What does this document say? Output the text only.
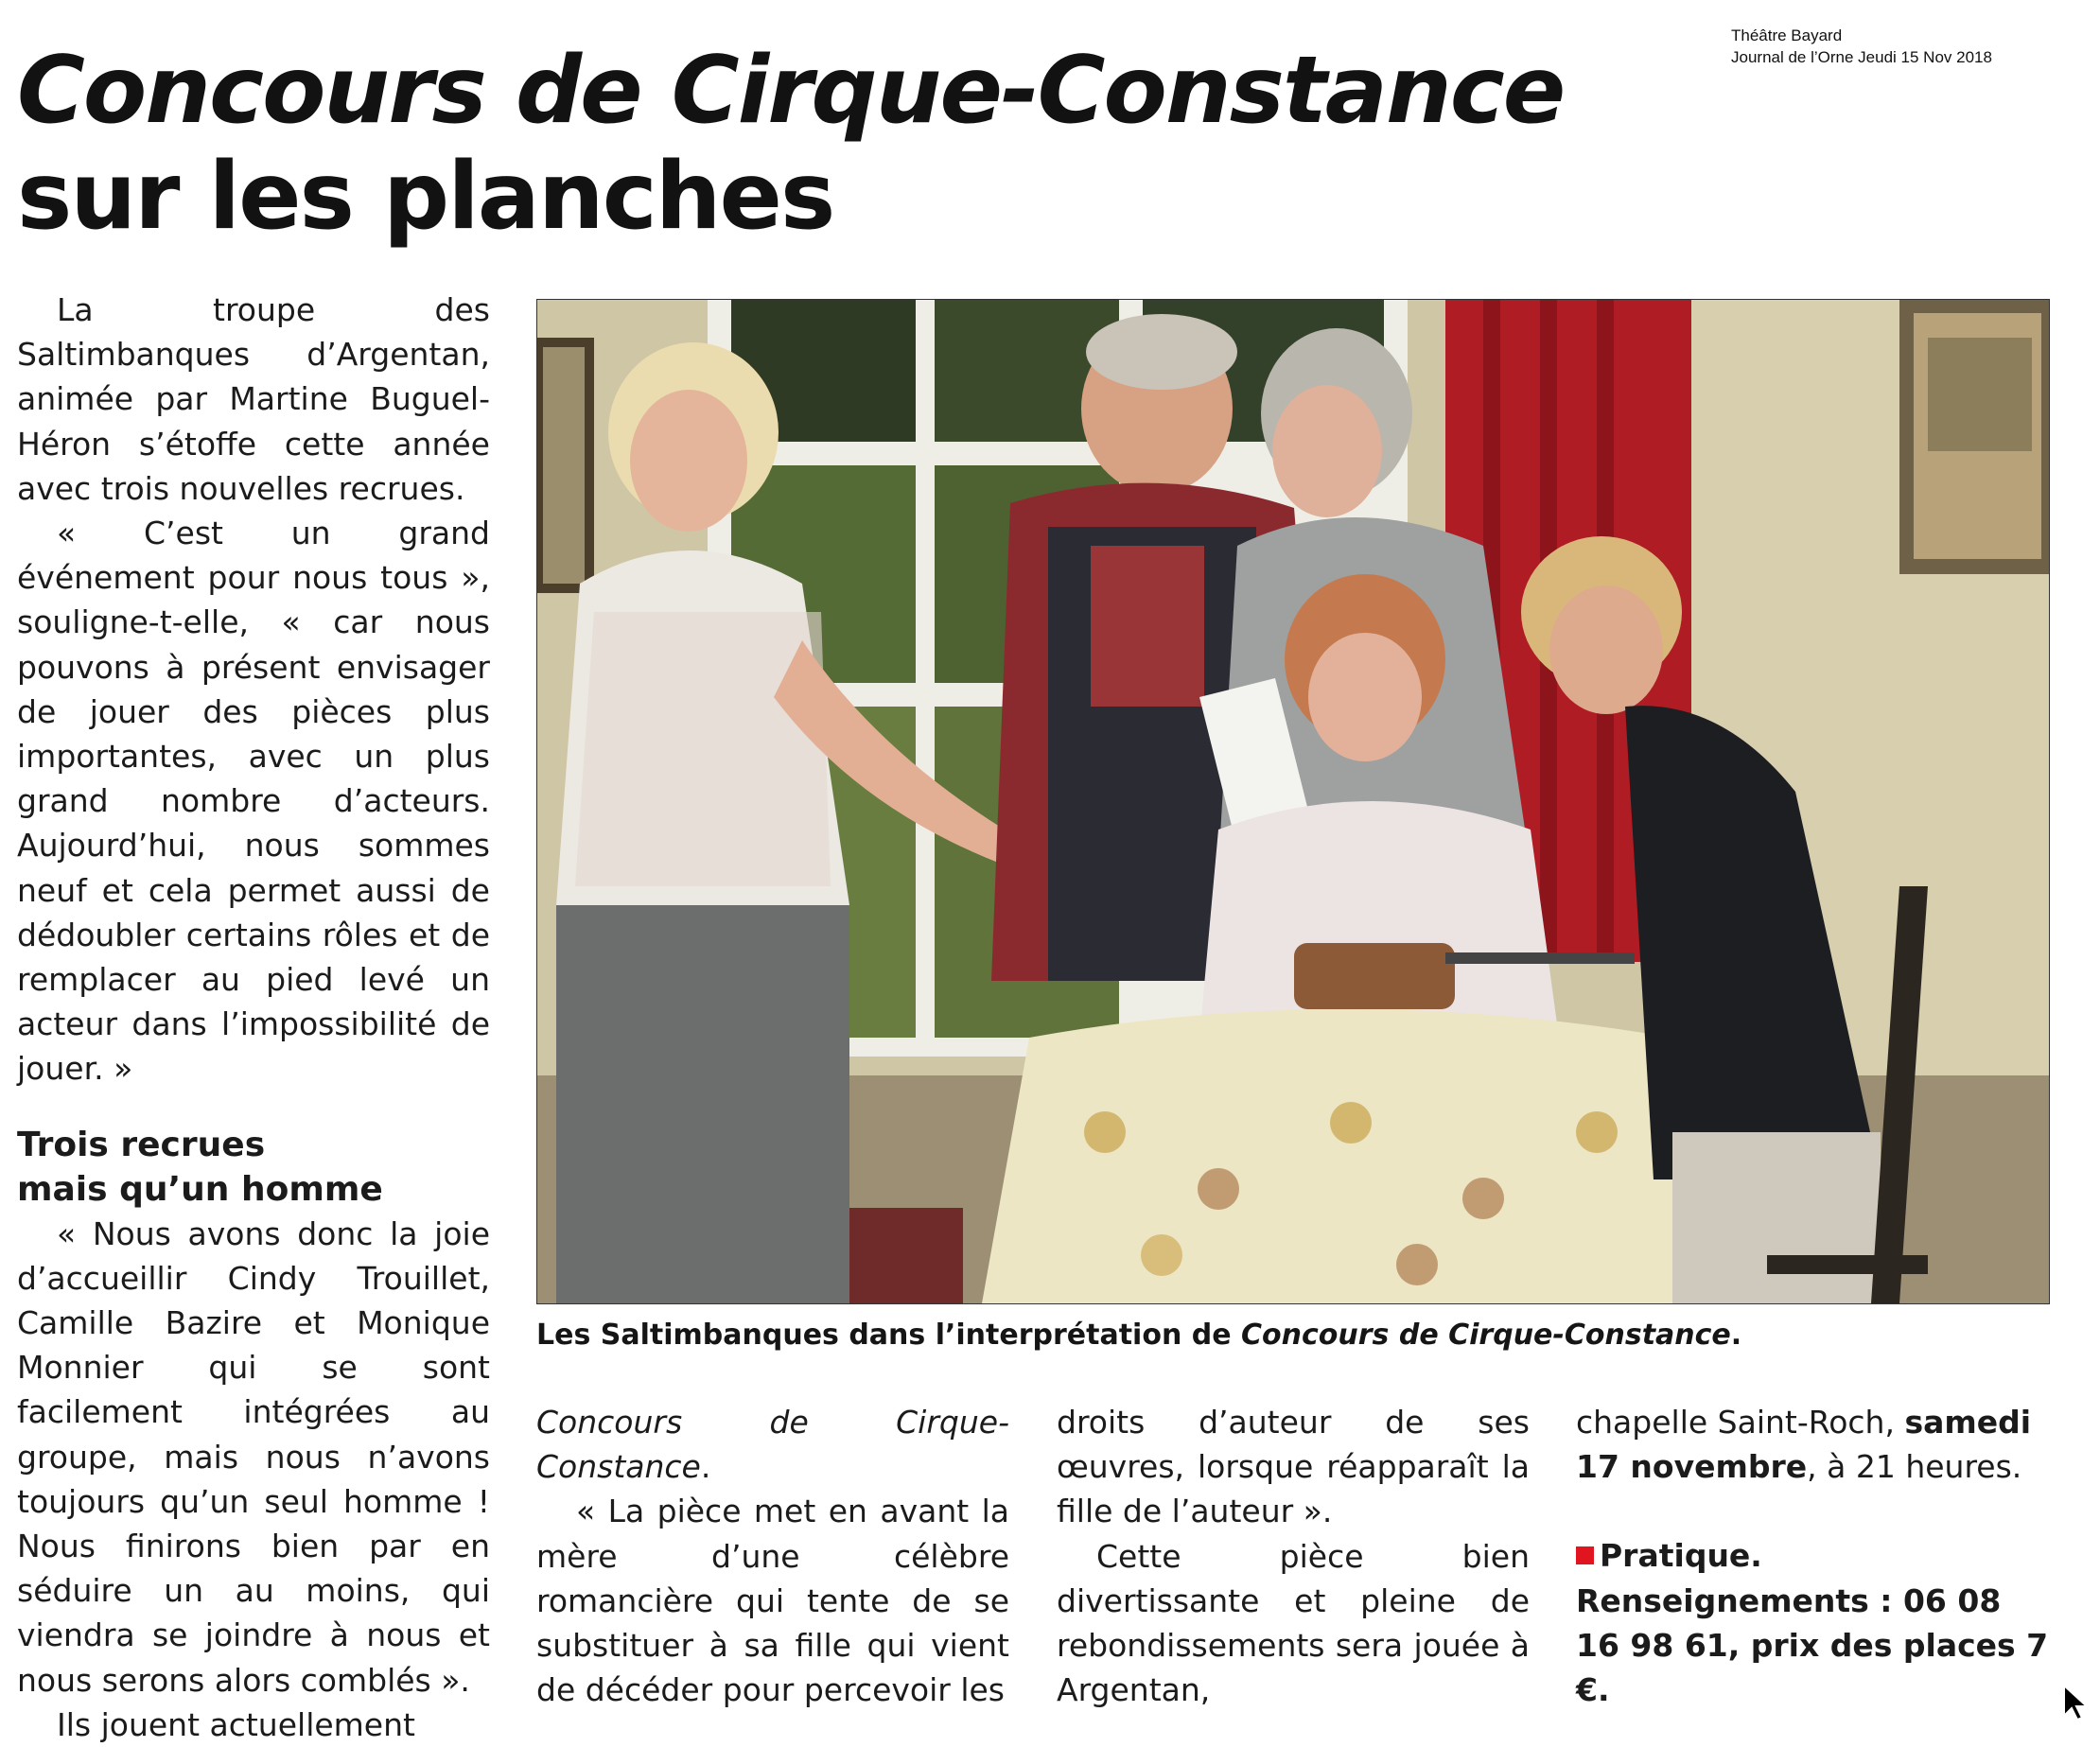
Théâtre Bayard
Journal de l’Orne Jeudi 15 Nov 2018
Concours de Cirque-Constance
sur les planches

La troupe des Saltimbanques d’Argentan, animée par Martine Buguel-Héron s’étoffe cette année avec trois nouvelles recrues.

« C’est un grand événement pour nous tous », souligne-t-elle, « car nous pouvons à présent envisager de jouer des pièces plus importantes, avec un plus grand nombre d’acteurs. Aujourd’hui, nous sommes neuf et cela permet aussi de dédoubler certains rôles et de remplacer au pied levé un acteur dans l’impossibilité de jouer. »

Trois recrues
mais qu’un homme

« Nous avons donc la joie d’accueillir Cindy Trouillet, Camille Bazire et Monique Monnier qui se sont facilement intégrées au groupe, mais nous n’avons toujours qu’un seul homme ! Nous finirons bien par en séduire un au moins, qui viendra se joindre à nous et nous serons alors comblés ».

Ils jouent actuellement

Les Saltimbanques dans l’interprétation de Concours de Cirque-Constance.

Concours de Cirque-Constance.

« La pièce met en avant la mère d’une célèbre romancière qui tente de se substituer à sa fille qui vient de décéder pour percevoir les

droits d’auteur de ses œuvres, lorsque réapparaît la fille de l’auteur ».

Cette pièce bien divertissante et pleine de rebondissements sera jouée à Argentan,

chapelle Saint-Roch, samedi 17 novembre, à 21 heures.

Pratique. Renseignements : 06 08 16 98 61, prix des places 7 €.
